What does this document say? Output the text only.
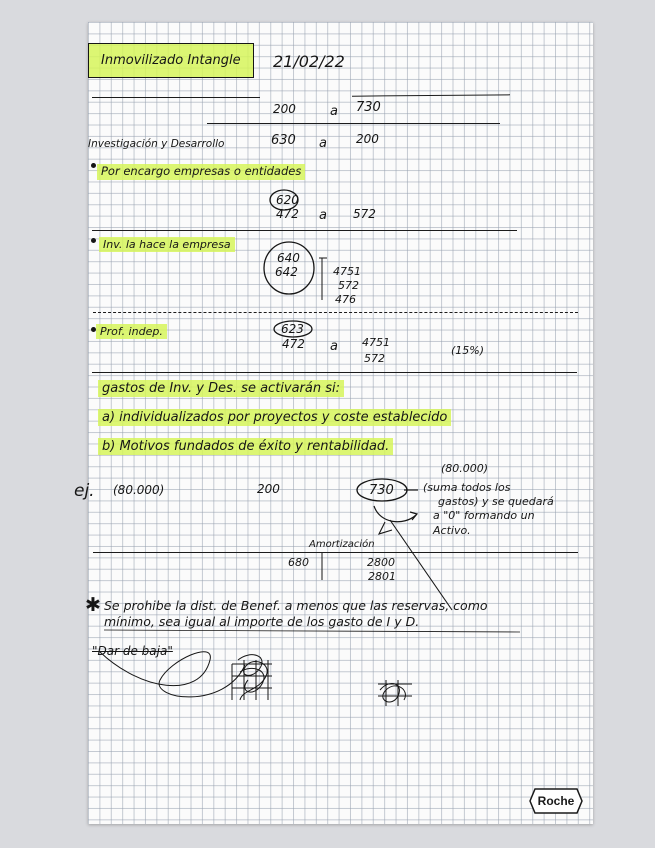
Inmovilizado Intangle	21/02/22
200	a 730
Investigación y Desarrollo	630 a 200
Por encargo empresas o entidades
620
472 a 572
Inv. la hace la empresa
640
642	4751
572
476
Prof. indep.	623
472 a 4751
572
(15%)
gastos de Inv. y Des. se activarán si:
a) individualizados por proyectos y coste establecido
b) Motivos fundados de éxito y rentabilidad.
ej. (80.000)	200	730
(80.000)
(suma todos los
gastos) y se quedará
a "0" formando un
Activo.
Amortización
680	2800
2801
✱ Se prohibe la dist. de Benef. a menos que las reservas, como
mínimo, sea igual al importe de los gasto de I y D.
"Dar de baja"
Roche
